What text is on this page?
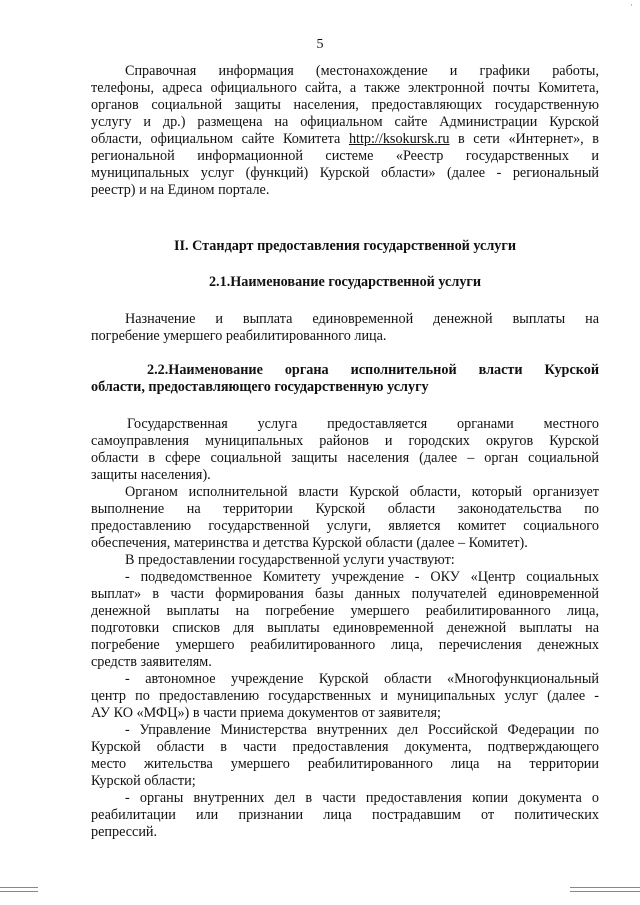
5
·
Справочная информация (местонахождение и графики работы,
телефоны, адреса официального сайта, а также электронной почты Комитета,
органов социальной защиты населения, предоставляющих государственную
услугу и др.) размещена на официальном сайте Администрации Курской
области, официальном сайте Комитета http://ksokursk.ru в сети «Интернет», в
региональной информационной системе «Реестр государственных и
муниципальных услуг (функций) Курской области» (далее - региональный
реестр) и на Едином портале.
II. Стандарт предоставления государственной услуги
2.1.Наименование государственной услуги
Назначение и выплата единовременной денежной выплаты на
погребение умершего реабилитированного лица.
2.2.Наименование органа исполнительной власти Курской
области, предоставляющего государственную услугу
Государственная услуга предоставляется органами местного
самоуправления муниципальных районов и городских округов Курской
области в сфере социальной защиты населения (далее – орган социальной
защиты населения).
Органом исполнительной власти Курской области, который организует
выполнение на территории Курской области законодательства по
предоставлению государственной услуги, является комитет социального
обеспечения, материнства и детства Курской области (далее – Комитет).
В предоставлении государственной услуги участвуют:
- подведомственное Комитету учреждение - ОКУ «Центр социальных
выплат» в части формирования базы данных получателей единовременной
денежной выплаты на погребение умершего реабилитированного лица,
подготовки списков для выплаты единовременной денежной выплаты на
погребение умершего реабилитированного лица, перечисления денежных
средств заявителям.
- автономное учреждение Курской области «Многофункциональный
центр по предоставлению государственных и муниципальных услуг (далее -
АУ КО «МФЦ») в части приема документов от заявителя;
- Управление Министерства внутренних дел Российской Федерации по
Курской области в части предоставления документа, подтверждающего
место жительства умершего реабилитированного лица на территории
Курской области;
- органы внутренних дел в части предоставления копии документа о
реабилитации или признании лица пострадавшим от политических
репрессий.
